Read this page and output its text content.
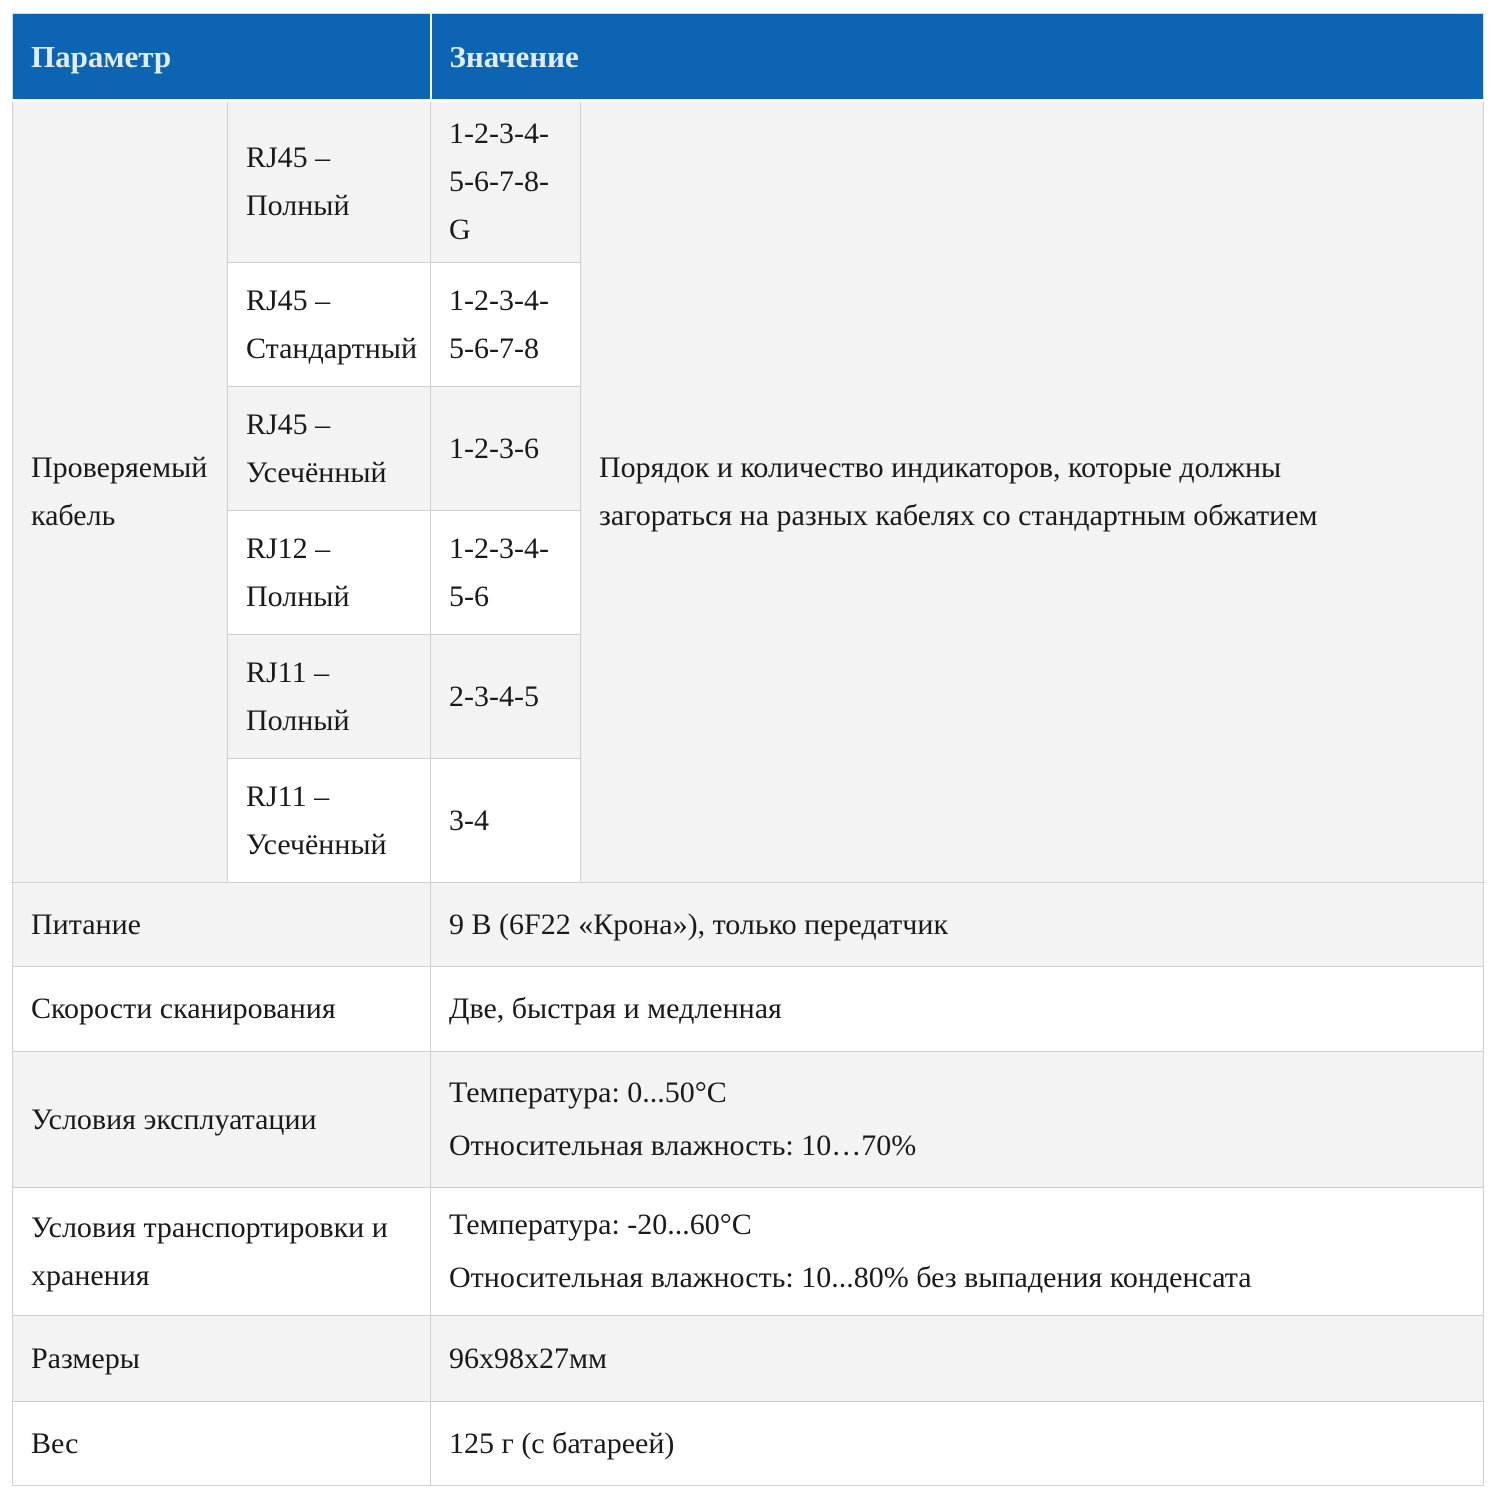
Параметр		Значение	
Проверяемый кабель	RJ45 – Полный	1-2-3-4-5-6-7-8-G	Порядок и количество индикаторов, которые должны загораться на разных кабелях со стандартным обжатием

	RJ45 – Стандартный	1-2-3-4-5-6-7-8	

	RJ45 – Усечённый	1-2-3-6	

	RJ12 – Полный	1-2-3-4-5-6	

	RJ11 – Полный	2-3-4-5	

	RJ11 – Усечённый	3-4	

Питание		9 В (6F22 «Крона»), только передатчик	

Скорости сканирования		Две, быстрая и медленная	

Условия эксплуатации		Температура: 0...50°C
Относительная влажность: 10…70%	

Условия транспортировки и хранения		Температура: -20...60°C
Относительная влажность: 10...80% без выпадения конденсата	

Размеры		96x98x27мм	

Вес		125 г (с батареей)	
